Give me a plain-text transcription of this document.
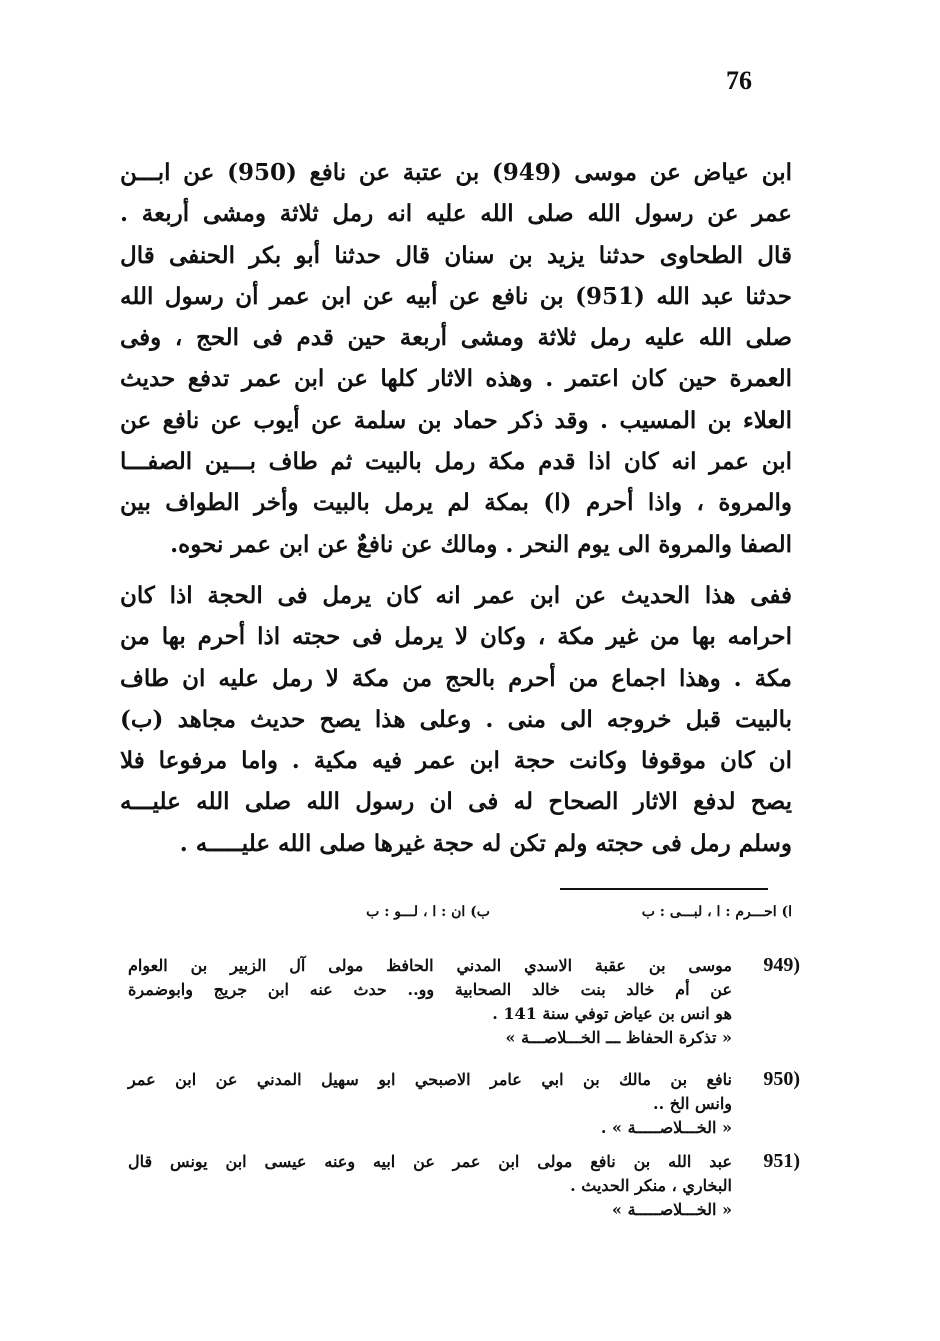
76
ابن عياض عن موسى (949) بن عتبة عن نافع (950) عن ابـــن
عمر عن رسول الله صلى الله عليه انه رمل ثلاثة ومشى أربعة .
قال الطحاوى حدثنا يزيد بن سنان قال حدثنا أبو بكر الحنفى قال
حدثنا عبد الله (951) بن نافع عن أبيه عن ابن عمر أن رسول الله
صلى الله عليه رمل ثلاثة ومشى أربعة حين قدم فى الحج ، وفى
العمرة حين كان اعتمر . وهذه الاثار كلها عن ابن عمر تدفع حديث
العلاء بن المسيب . وقد ذكر حماد بن سلمة عن أيوب عن نافع عن
ابن عمر انه كان اذا قدم مكة رمل بالبيت ثم طاف بـــين الصفـــا
والمروة ، واذا أحرم (ا) بمكة لم يرمل بالبيت وأخر الطواف بين
الصفا والمروة الى يوم النحر . ومالك عن نافعٌ عن ابن عمر نحوه.
ففى هذا الحديث عن ابن عمر انه كان يرمل فى الحجة اذا كان
احرامه بها من غير مكة ، وكان لا يرمل فى حجته اذا أحرم بها من
مكة . وهذا اجماع من أحرم بالحج من مكة لا رمل عليه ان طاف
بالبيت قبل خروجه الى منى . وعلى هذا يصح حديث مجاهد (ب)
ان كان موقوفا وكانت حجة ابن عمر فيه مكية . واما مرفوعا فلا
يصح لدفع الاثار الصحاح له فى ان رسول الله صلى الله عليـــه
وسلم رمل فى حجته ولم تكن له حجة غيرها صلى الله عليـــــه .
ا) احـــرم : ا ، لبـــى : ب
ب) ان : ا ، لـــو : ب
949)
موسى بن عقبة الاسدي المدني الحافظ مولى آل الزبير بن العوام
عن أم خالد بنت خالد الصحابية وو.. حدث عنه ابن جريج وابوضمرة
هو انس بن عياض توفي سنة 141 .
« تذكرة الحفاظ ـــ الخـــلاصـــة »
950)
نافع بن مالك بن ابي عامر الاصبحي ابو سهيل المدني عن ابن عمر
وانس الخ ..
« الخـــلاصـــــة » .
951)
عبد الله بن نافع مولى ابن عمر عن ابيه وعنه عيسى ابن يونس قال
البخاري ، منكر الحديث .
« الخـــلاصـــــة »
